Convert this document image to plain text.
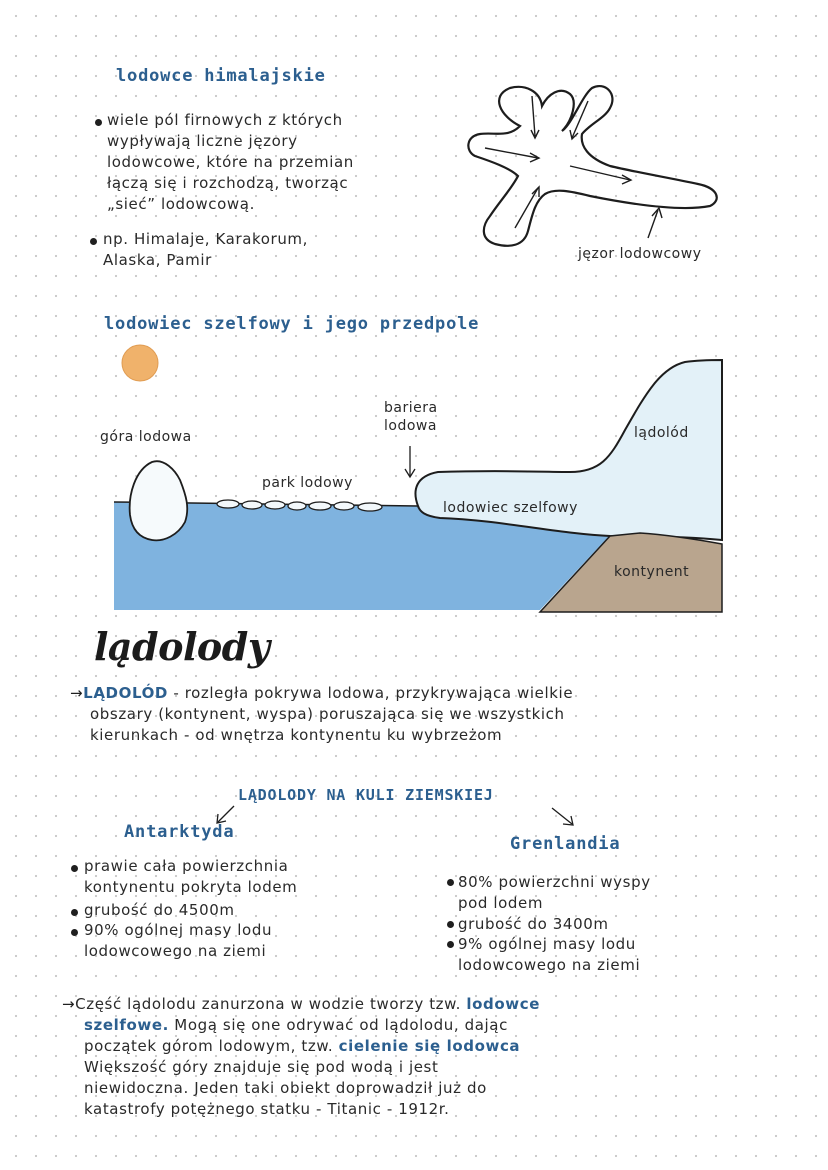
lodowce himalajskie

wiele pól firnowych z których

wypływają liczne jęzory

lodowcowe, które na przemian

łączą się i rozchodzą, tworząc

„sieć” lodowcową.

np. Himalaje, Karakorum,

Alaska, Pamir	jęzor lodowcowy
lodowiec szelfowy i jego przedpole
góra lodowa
bariera
lodowa
park lodowy
lądolód
lodowiec szelfowy
kontynent
lądolody

→LĄDOLÓD - rozległa pokrywa lodowa, przykrywająca wielkie

obszary (kontynent, wyspa) poruszająca się we wszystkich

kierunkach - od wnętrza kontynentu ku wybrzeżom

LĄDOLODY NA KULI ZIEMSKIEJ
Antarktyda
Grenlandia

prawie cała powierzchnia

kontynentu pokryta lodem

grubość do 4500m

90% ogólnej masy lodu

lodowcowego na ziemi

80% powierzchni wyspy

pod lodem

grubość do 3400m

9% ogólnej masy lodu

lodowcowego na ziemi

→Część lądolodu zanurzona w wodzie tworzy tzw. lodowce

szelfowe. Mogą się one odrywać od lądolodu, dając

początek górom lodowym, tzw. cielenie się lodowca

Większość góry znajduje się pod wodą i jest

niewidoczna. Jeden taki obiekt doprowadził już do

katastrofy potężnego statku - Titanic - 1912r.
